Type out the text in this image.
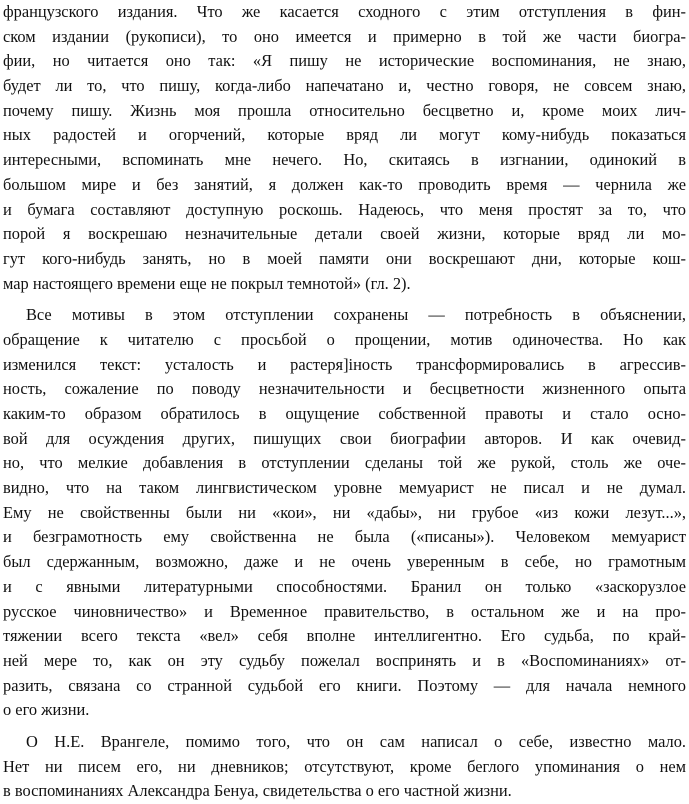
французского издания. Что же касается сходного с этим отступления в фин-
ском издании (рукописи), то оно имеется и примерно в той же части биогра-
фии, но читается оно так: «Я пишу не исторические воспоминания, не знаю,
будет ли то, что пишу, когда-либо напечатано и, честно говоря, не совсем знаю,
почему пишу. Жизнь моя прошла относительно бесцветно и, кроме моих лич-
ных радостей и огорчений, которые вряд ли могут кому-нибудь показаться
интересными, вспоминать мне нечего. Но, скитаясь в изгнании, одинокий в
большом мире и без занятий, я должен как-то проводить время — чернила же
и бумага составляют доступную роскошь. Надеюсь, что меня простят за то, что
порой я воскрешаю незначительные детали своей жизни, которые вряд ли мо-
гут кого-нибудь занять, но в моей памяти они воскрешают дни, которые кош-
мар настоящего времени еще не покрыл темнотой» (гл. 2).
Все мотивы в этом отступлении сохранены — потребность в объяснении,
обращение к читателю с просьбой о прощении, мотив одиночества. Но как
изменился текст: усталость и растеря]iность трансформировались в агрессив-
ность, сожаление по поводу незначительности и бесцветности жизненного опыта
каким-то образом обратилось в ощущение собственной правоты и стало осно-
вой для осуждения других, пишущих свои биографии авторов. И как очевид-
но, что мелкие добавления в отступлении сделаны той же рукой, столь же оче-
видно, что на таком лингвистическом уровне мемуарист не писал и не думал.
Ему не свойственны были ни «кои», ни «дабы», ни грубое «из кожи лезут...»,
и безграмотность ему свойственна не была («писаны»). Человеком мемуарист
был сдержанным, возможно, даже и не очень уверенным в себе, но грамотным
и с явными литературными способностями. Бранил он только «заскорузлое
русское чиновничество» и Временное правительство, в остальном же и на про-
тяжении всего текста «вел» себя вполне интеллигентно. Его судьба, по край-
ней мере то, как он эту судьбу пожелал воспринять и в «Воспоминаниях» от-
разить, связана со странной судьбой его книги. Поэтому — для начала немного
о его жизни.
О Н.Е. Врангеле, помимо того, что он сам написал о себе, известно мало.
Нет ни писем его, ни дневников; отсутствуют, кроме беглого упоминания о нем
в воспоминаниях Александра Бенуа, свидетельства о его частной жизни.
